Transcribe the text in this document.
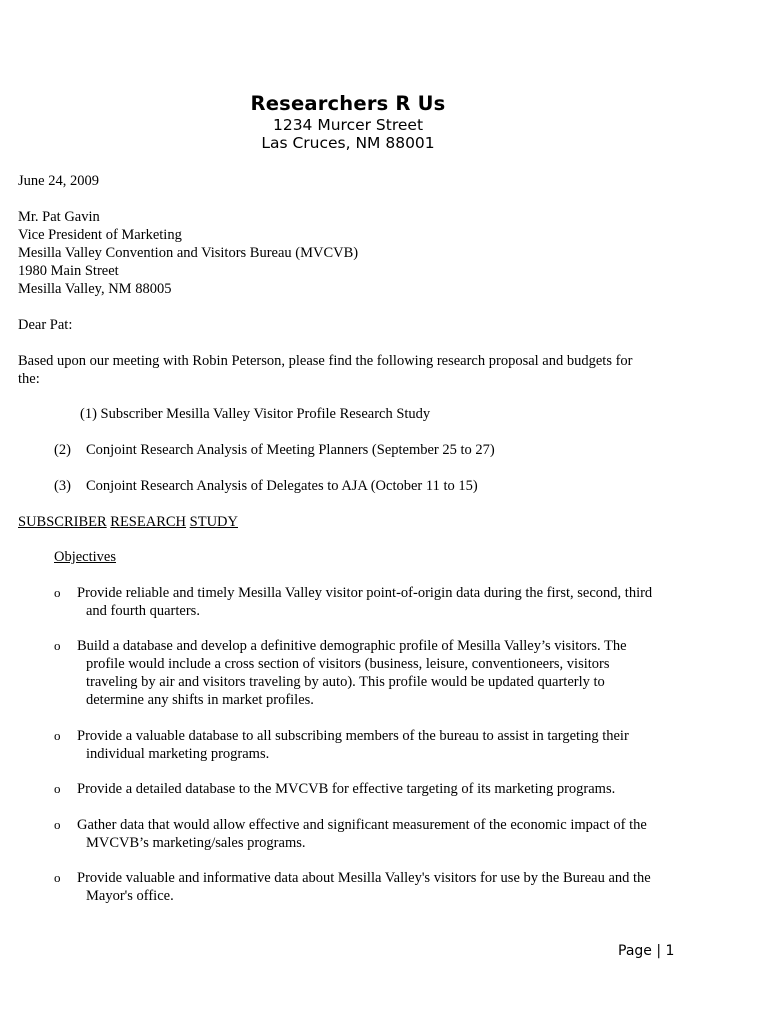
Researchers R Us
1234 Murcer Street
Las Cruces, NM 88001
June 24, 2009
Mr. Pat Gavin
Vice President of Marketing
Mesilla Valley Convention and Visitors Bureau (MVCVB)
1980 Main Street
Mesilla Valley, NM 88005
Dear Pat:
Based upon our meeting with Robin Peterson, please find the following research proposal and budgets for
the:
(1) Subscriber Mesilla Valley Visitor Profile Research Study
(2) Conjoint Research Analysis of Meeting Planners (September 25 to 27)
(3) Conjoint Research Analysis of Delegates to AJA (October 11 to 15)
SUBSCRIBER RESEARCH STUDY
Objectives
o Provide reliable and timely Mesilla Valley visitor point-of-origin data during the first, second, third
and fourth quarters.
o Build a database and develop a definitive demographic profile of Mesilla Valley’s visitors. The
profile would include a cross section of visitors (business, leisure, conventioneers, visitors traveling by air and visitors traveling by auto). This profile would be updated quarterly to determine any shifts in market profiles.
o Provide a valuable database to all subscribing members of the bureau to assist in targeting their
individual marketing programs.
o Provide a detailed database to the MVCVB for effective targeting of its marketing programs.
o Gather data that would allow effective and significant measurement of the economic impact of the
MVCVB’s marketing/sales programs.
o Provide valuable and informative data about Mesilla Valley's visitors for use by the Bureau and the
Mayor's office.
Page | 1
